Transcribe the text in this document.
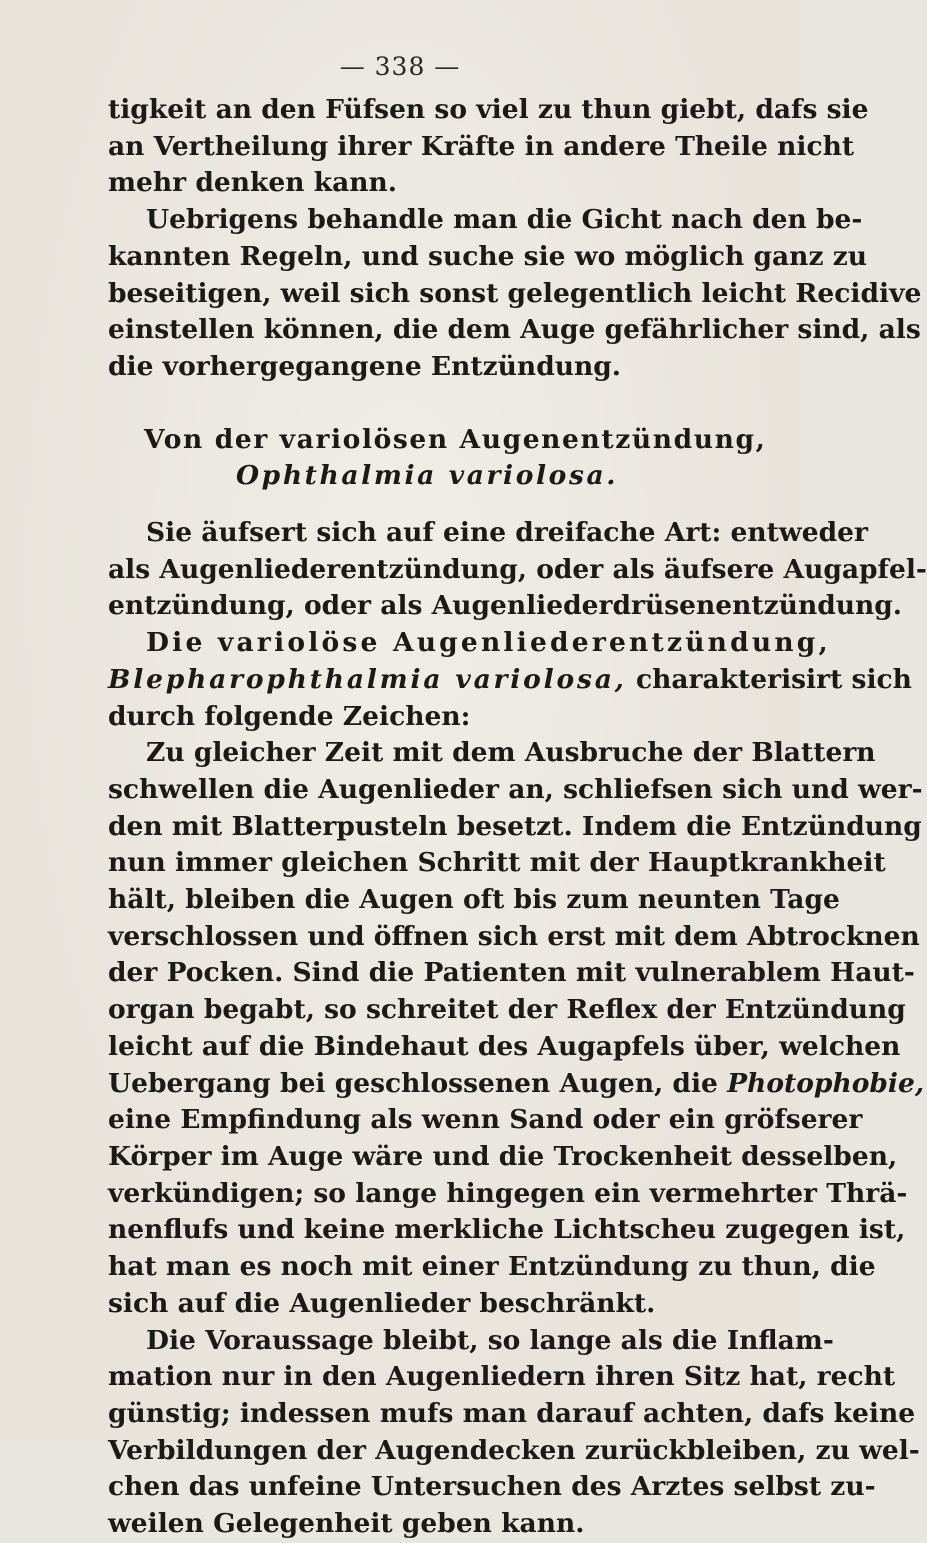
— 338 —
tigkeit an den Füfsen so viel zu thun giebt, dafs sie
an Vertheilung ihrer Kräfte in andere Theile nicht
mehr denken kann.
Uebrigens behandle man die Gicht nach den be-
kannten Regeln, und suche sie wo möglich ganz zu
beseitigen, weil sich sonst gelegentlich leicht Recidive
einstellen können, die dem Auge gefährlicher sind, als
die vorhergegangene Entzündung.
Von der variolösen Augenentzündung,
Ophthalmia variolosa.
Sie äufsert sich auf eine dreifache Art: entweder
als Augenliederentzündung, oder als äufsere Augapfel-
entzündung, oder als Augenliederdrüsenentzündung.
Die variolöse Augenliederentzündung,
Blepharophthalmia variolosa, charakterisirt sich
durch folgende Zeichen:
Zu gleicher Zeit mit dem Ausbruche der Blattern
schwellen die Augenlieder an, schliefsen sich und wer-
den mit Blatterpusteln besetzt. Indem die Entzündung
nun immer gleichen Schritt mit der Hauptkrankheit
hält, bleiben die Augen oft bis zum neunten Tage
verschlossen und öffnen sich erst mit dem Abtrocknen
der Pocken. Sind die Patienten mit vulnerablem Haut-
organ begabt, so schreitet der Reflex der Entzündung
leicht auf die Bindehaut des Augapfels über, welchen
Uebergang bei geschlossenen Augen, die Photophobie,
eine Empfindung als wenn Sand oder ein gröfserer
Körper im Auge wäre und die Trockenheit desselben,
verkündigen; so lange hingegen ein vermehrter Thrä-
nenflufs und keine merkliche Lichtscheu zugegen ist,
hat man es noch mit einer Entzündung zu thun, die
sich auf die Augenlieder beschränkt.
Die Voraussage bleibt, so lange als die Inflam-
mation nur in den Augenliedern ihren Sitz hat, recht
günstig; indessen mufs man darauf achten, dafs keine
Verbildungen der Augendecken zurückbleiben, zu wel-
chen das unfeine Untersuchen des Arztes selbst zu-
weilen Gelegenheit geben kann.
